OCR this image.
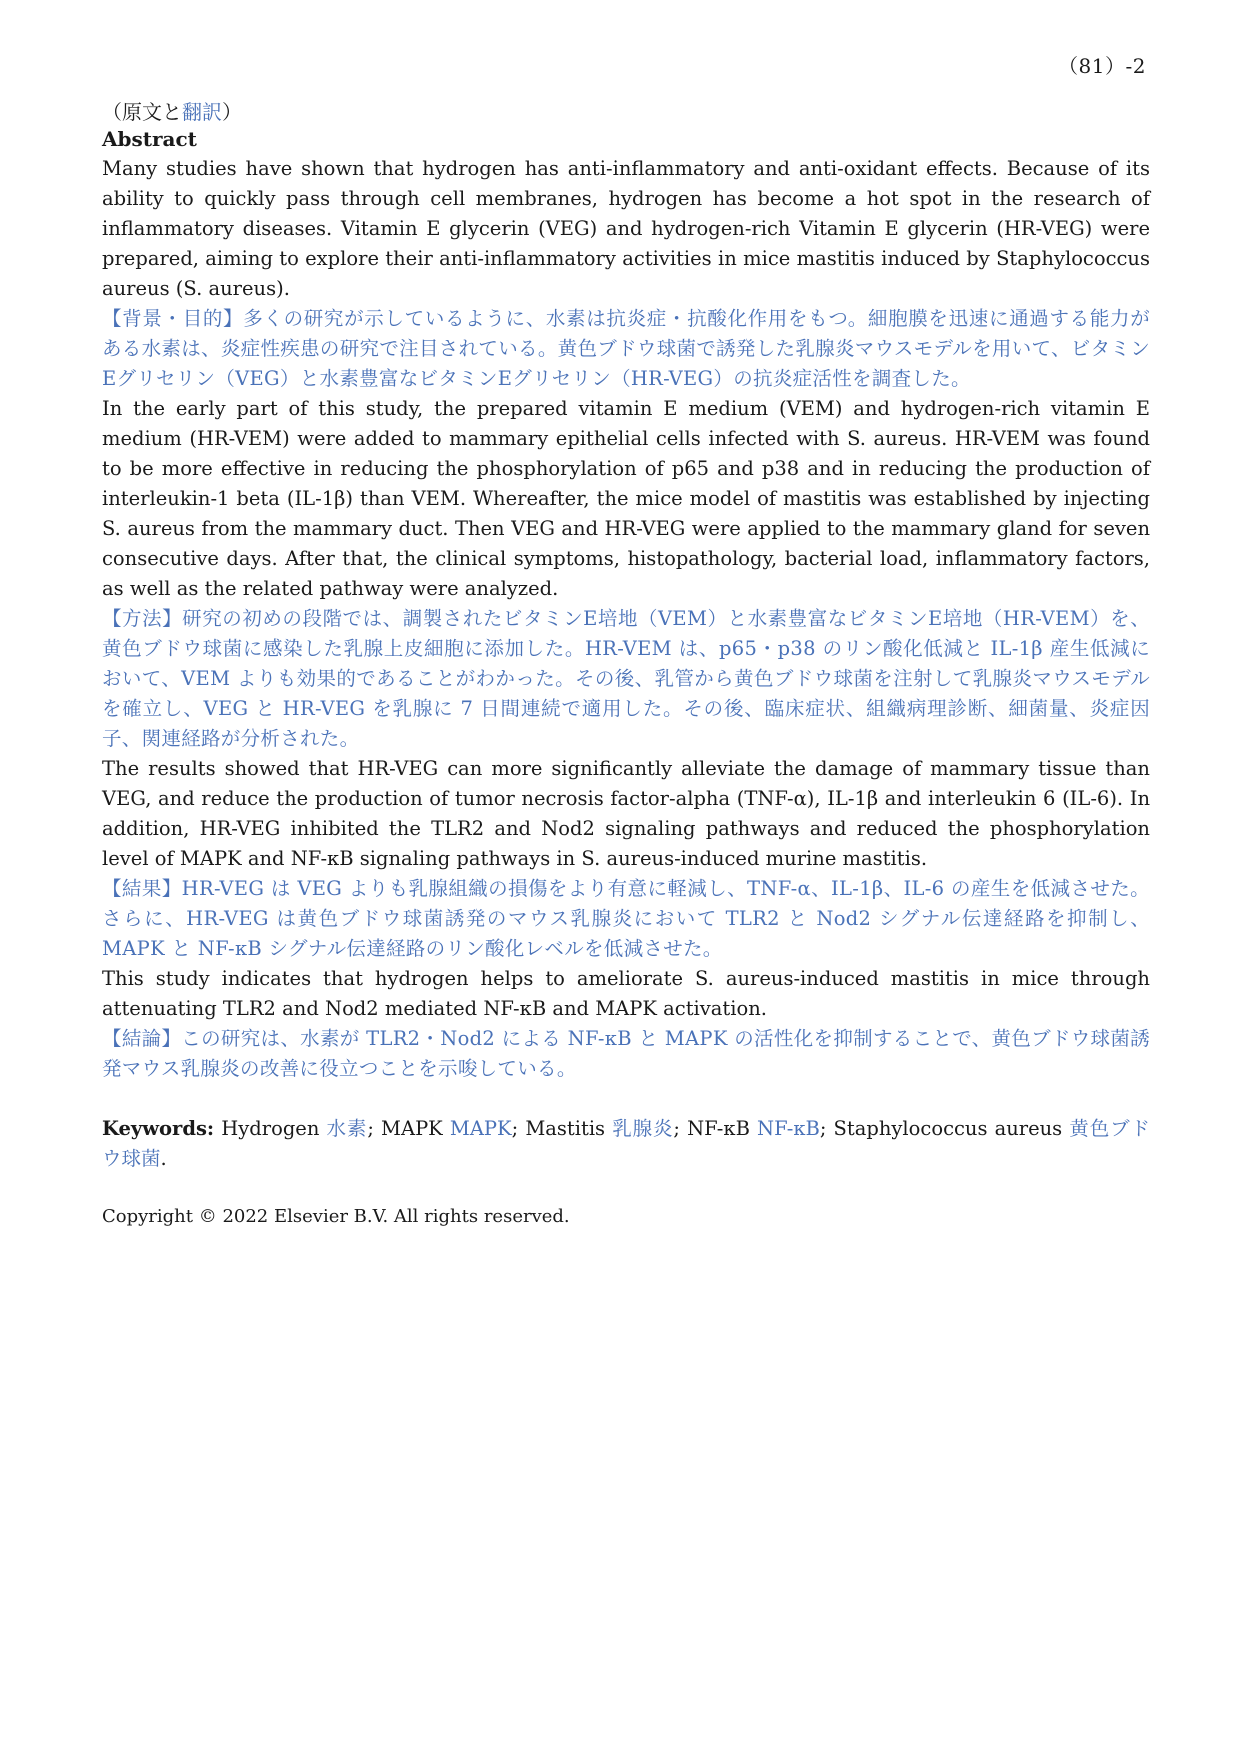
（81）-2
（原文と翻訳）
Abstract

Many studies have shown that hydrogen has anti-inflammatory and anti-oxidant effects. Because of its ability to quickly pass through cell membranes, hydrogen has become a hot spot in the research of inflammatory diseases. Vitamin E glycerin (VEG) and hydrogen-rich Vitamin E glycerin (HR-VEG) were prepared, aiming to explore their anti-inflammatory activities in mice mastitis induced by Staphylococcus aureus (S. aureus).

【背景・目的】多くの研究が示しているように、水素は抗炎症・抗酸化作用をもつ。細胞膜を迅速に通過する能力がある水素は、炎症性疾患の研究で注目されている。黄色ブドウ球菌で誘発した乳腺炎マウスモデルを用いて、ビタミンEグリセリン（VEG）と水素豊富なビタミンEグリセリン（HR-VEG）の抗炎症活性を調査した。

In the early part of this study, the prepared vitamin E medium (VEM) and hydrogen-rich vitamin E medium (HR-VEM) were added to mammary epithelial cells infected with S. aureus. HR-VEM was found to be more effective in reducing the phosphorylation of p65 and p38 and in reducing the production of interleukin-1 beta (IL-1β) than VEM. Whereafter, the mice model of mastitis was established by injecting S. aureus from the mammary duct. Then VEG and HR-VEG were applied to the mammary gland for seven consecutive days. After that, the clinical symptoms, histopathology, bacterial load, inflammatory factors, as well as the related pathway were analyzed.

【方法】研究の初めの段階では、調製されたビタミンE培地（VEM）と水素豊富なビタミンE培地（HR-VEM）を、黄色ブドウ球菌に感染した乳腺上皮細胞に添加した。HR-VEM は、p65・p38 のリン酸化低減と IL-1β 産生低減において、VEM よりも効果的であることがわかった。その後、乳管から黄色ブドウ球菌を注射して乳腺炎マウスモデルを確立し、VEG と HR-VEG を乳腺に 7 日間連続で適用した。その後、臨床症状、組織病理診断、細菌量、炎症因子、関連経路が分析された。

The results showed that HR-VEG can more significantly alleviate the damage of mammary tissue than VEG, and reduce the production of tumor necrosis factor-alpha (TNF-α), IL-1β and interleukin 6 (IL-6). In addition, HR-VEG inhibited the TLR2 and Nod2 signaling pathways and reduced the phosphorylation level of MAPK and NF-κB signaling pathways in S. aureus-induced murine mastitis.

【結果】HR-VEG は VEG よりも乳腺組織の損傷をより有意に軽減し、TNF-α、IL-1β、IL-6 の産生を低減させた。さらに、HR-VEG は黄色ブドウ球菌誘発のマウス乳腺炎において TLR2 と Nod2 シグナル伝達経路を抑制し、MAPK と NF-κB シグナル伝達経路のリン酸化レベルを低減させた。

This study indicates that hydrogen helps to ameliorate S. aureus-induced mastitis in mice through attenuating TLR2 and Nod2 mediated NF-κB and MAPK activation.

【結論】この研究は、水素が TLR2・Nod2 による NF-κB と MAPK の活性化を抑制することで、黄色ブドウ球菌誘発マウス乳腺炎の改善に役立つことを示唆している。

Keywords: Hydrogen 水素; MAPK MAPK; Mastitis 乳腺炎; NF-κB NF-κB; Staphylococcus aureus 黄色ブドウ球菌.

Copyright © 2022 Elsevier B.V. All rights reserved.
